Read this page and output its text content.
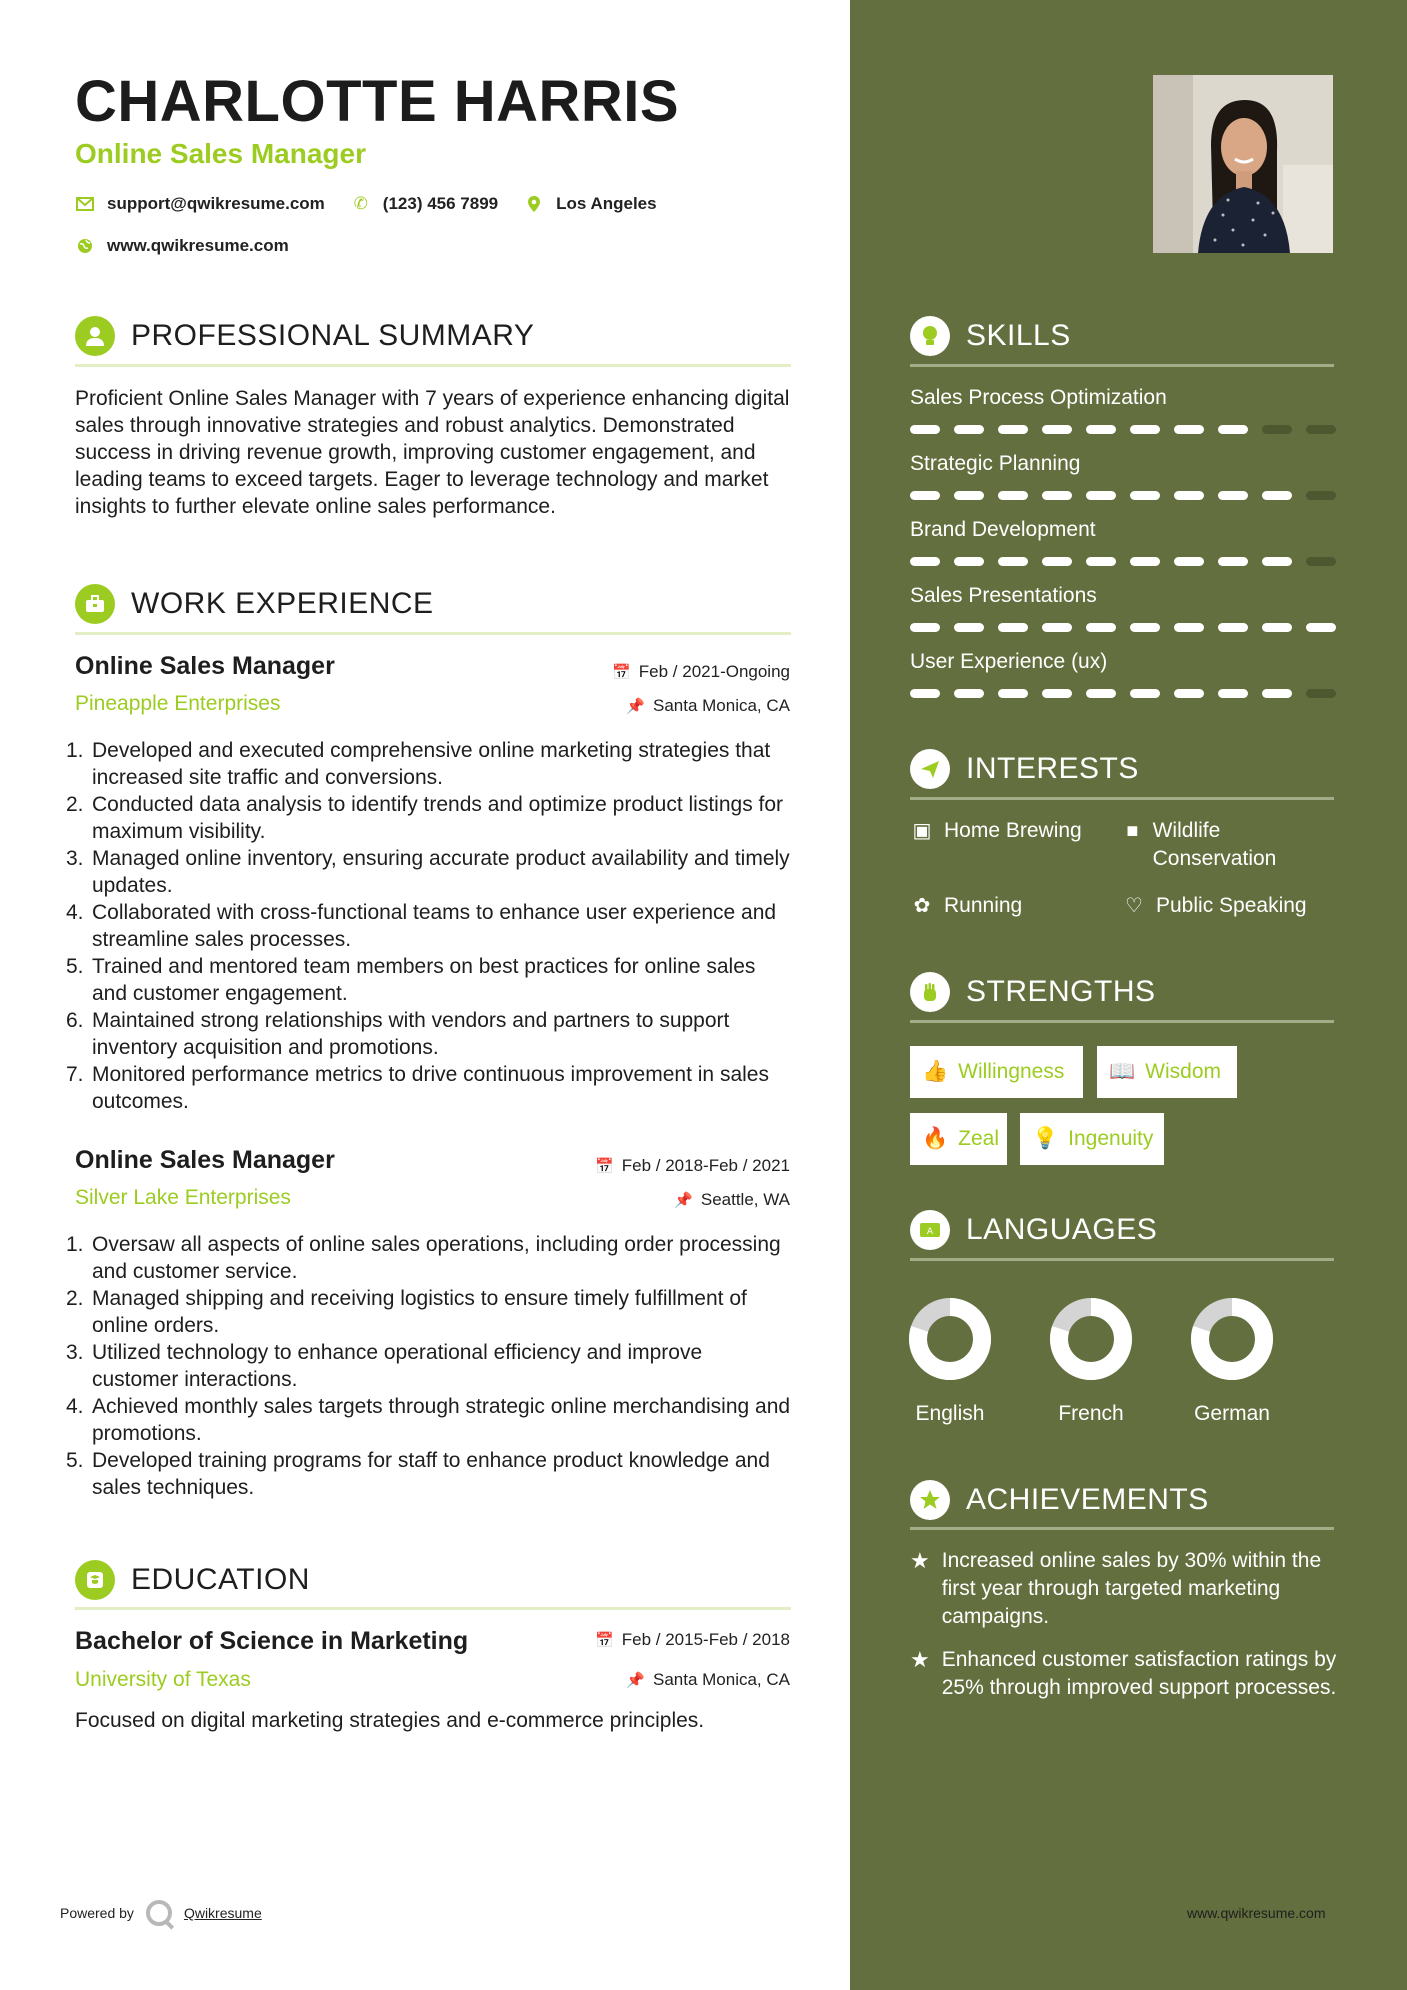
CHARLOTTE HARRIS

Online Sales Manager

support@qwikresume.com ✆ (123) 456 7899	Los Angeles
www.qwikresume.com
PROFESSIONAL SUMMARY

Proficient Online Sales Manager with 7 years of experience enhancing digital sales through innovative strategies and robust analytics. Demonstrated success in driving revenue growth, improving customer engagement, and leading teams to exceed targets. Eager to leverage technology and market insights to further elevate online sales performance.

WORK EXPERIENCE

Online Sales Manager

Pineapple Enterprises

📅 Feb / 2021-Ongoing
📌 Santa Monica, CA
1. Developed and executed comprehensive online marketing strategies that increased site traffic and conversions.
2. Conducted data analysis to identify trends and optimize product listings for maximum visibility.
3. Managed online inventory, ensuring accurate product availability and timely updates.
4. Collaborated with cross-functional teams to enhance user experience and streamline sales processes.
5. Trained and mentored team members on best practices for online sales and customer engagement.
6. Maintained strong relationships with vendors and partners to support inventory acquisition and promotions.
7. Monitored performance metrics to drive continuous improvement in sales outcomes.

Online Sales Manager

Silver Lake Enterprises

📅 Feb / 2018-Feb / 2021
📌 Seattle, WA
1. Oversaw all aspects of online sales operations, including order processing and customer service.
2. Managed shipping and receiving logistics to ensure timely fulfillment of online orders.
3. Utilized technology to enhance operational efficiency and improve customer interactions.
4. Achieved monthly sales targets through strategic online merchandising and promotions.
5. Developed training programs for staff to enhance product knowledge and sales techniques.
EDUCATION

Bachelor of Science in Marketing

University of Texas

📅 Feb / 2015-Feb / 2018
📌 Santa Monica, CA

Focused on digital marketing strategies and e-commerce principles.

Powered by	Qwikresume
SKILLS

Sales Process Optimization

Strategic Planning

Brand Development

Sales Presentations

User Experience (ux)

INTERESTS
▣ Home Brewing ■ Wildlife Conservation
✿ Running	♡ Public Speaking
STRENGTHS
👍 Willingness 📖 Wisdom
🔥 Zeal 💡 Ingenuity
A LANGUAGES
English	French	German
ACHIEVEMENTS
★ Increased online sales by 30% within the first year through targeted marketing campaigns.
★ Enhanced customer satisfaction ratings by 25% through improved support processes.
www.qwikresume.com
